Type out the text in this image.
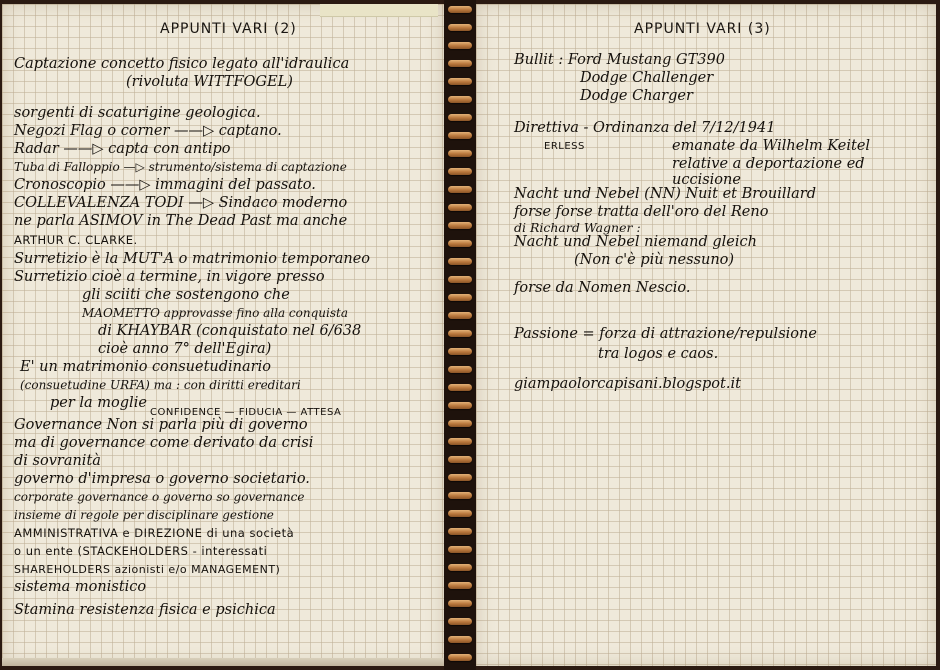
APPUNTI VARI (2)

Captazione concetto fisico legato all'idraulica

(rivoluta WITTFOGEL)

sorgenti di scaturigine geologica.

Negozi Flag o corner ——▷ captano.

Radar ——▷ capta con antipo

Tuba di Falloppio —▷ strumento/sistema di captazione

Cronoscopio ——▷ immagini del passato.

COLLEVALENZA TODI —▷ Sindaco moderno

ne parla ASIMOV in The Dead Past ma anche

ARTHUR C. CLARKE.

Surretizio è la MUT'A o matrimonio temporaneo

Surretizio cioè a termine, in vigore presso

gli sciiti che sostengono che

MAOMETTO approvasse fino alla conquista

di KHAYBAR (conquistato nel 6/638

cioè anno 7° dell'Egira)

E' un matrimonio consuetudinario

(consuetudine URFA) ma : con diritti ereditari

per la moglie

CONFIDENCE — FIDUCIA — ATTESA

Governance Non si parla più di governo

ma di governance come derivato da crisi

di sovranità

governo d'impresa o governo societario.

corporate governance o governo so governance

insieme di regole per disciplinare gestione

AMMINISTRATIVA e DIREZIONE di una società

o un ente (STACKEHOLDERS - interessati

SHAREHOLDERS azionisti e/o MANAGEMENT)

sistema monistico

Stamina resistenza fisica e psichica

APPUNTI VARI (3)

Bullit : Ford Mustang GT390

Dodge Challenger

Dodge Charger

Direttiva - Ordinanza del 7/12/1941

ERLESS	emanate da Wilhelm Keitel

relative a deportazione ed

uccisione

Nacht und Nebel (NN) Nuit et Brouillard

forse forse tratta dell'oro del Reno

di Richard Wagner :

Nacht und Nebel niemand gleich

(Non c'è più nessuno)

forse da Nomen Nescio.

Passione = forza di attrazione/repulsione

tra logos e caos.

giampaolorcapisani.blogspot.it
